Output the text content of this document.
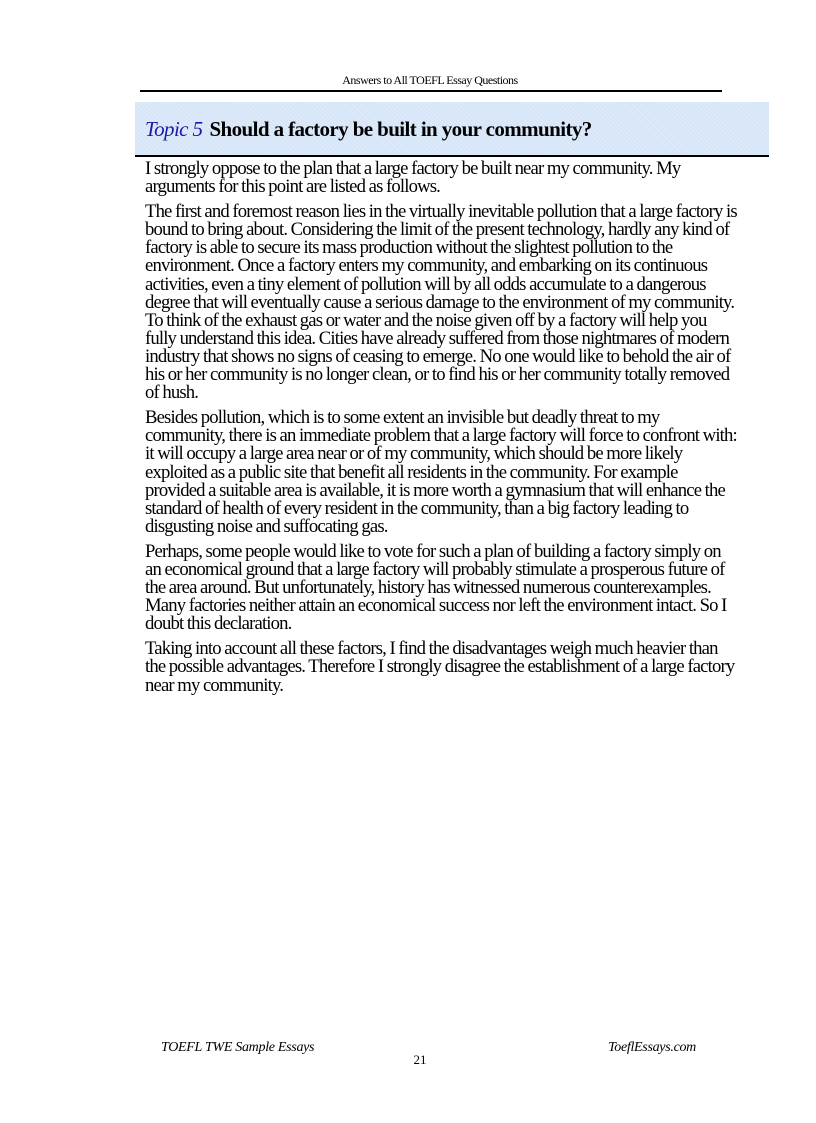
Answers to All TOEFL Essay Questions
Topic 5 Should a factory be built in your community?

I strongly oppose to the plan that a large factory be built near my community. My arguments for this point are listed as follows.

The first and foremost reason lies in the virtually inevitable pollution that a large factory is bound to bring about. Considering the limit of the present technology, hardly any kind of factory is able to secure its mass production without the slightest pollution to the environment. Once a factory enters my community, and embarking on its continuous activities, even a tiny element of pollution will by all odds accumulate to a dangerous degree that will eventually cause a serious damage to the environment of my community. To think of the exhaust gas or water and the noise given off by a factory will help you fully understand this idea. Cities have already suffered from those nightmares of modern industry that shows no signs of ceasing to emerge. No one would like to behold the air of his or her community is no longer clean, or to find his or her community totally removed of hush.

Besides pollution, which is to some extent an invisible but deadly threat to my community, there is an immediate problem that a large factory will force to confront with: it will occupy a large area near or of my community, which should be more likely exploited as a public site that benefit all residents in the community. For example provided a suitable area is available, it is more worth a gymnasium that will enhance the standard of health of every resident in the community, than a big factory leading to disgusting noise and suffocating gas.

Perhaps, some people would like to vote for such a plan of building a factory simply on an economical ground that a large factory will probably stimulate a prosperous future of the area around. But unfortunately, history has witnessed numerous counterexamples. Many factories neither attain an economical success nor left the environment intact. So I doubt this declaration.

Taking into account all these factors, I find the disadvantages weigh much heavier than the possible advantages. Therefore I strongly disagree the establishment of a large factory near my community.

TOEFL TWE Sample Essays
21
ToeflEssays.com
